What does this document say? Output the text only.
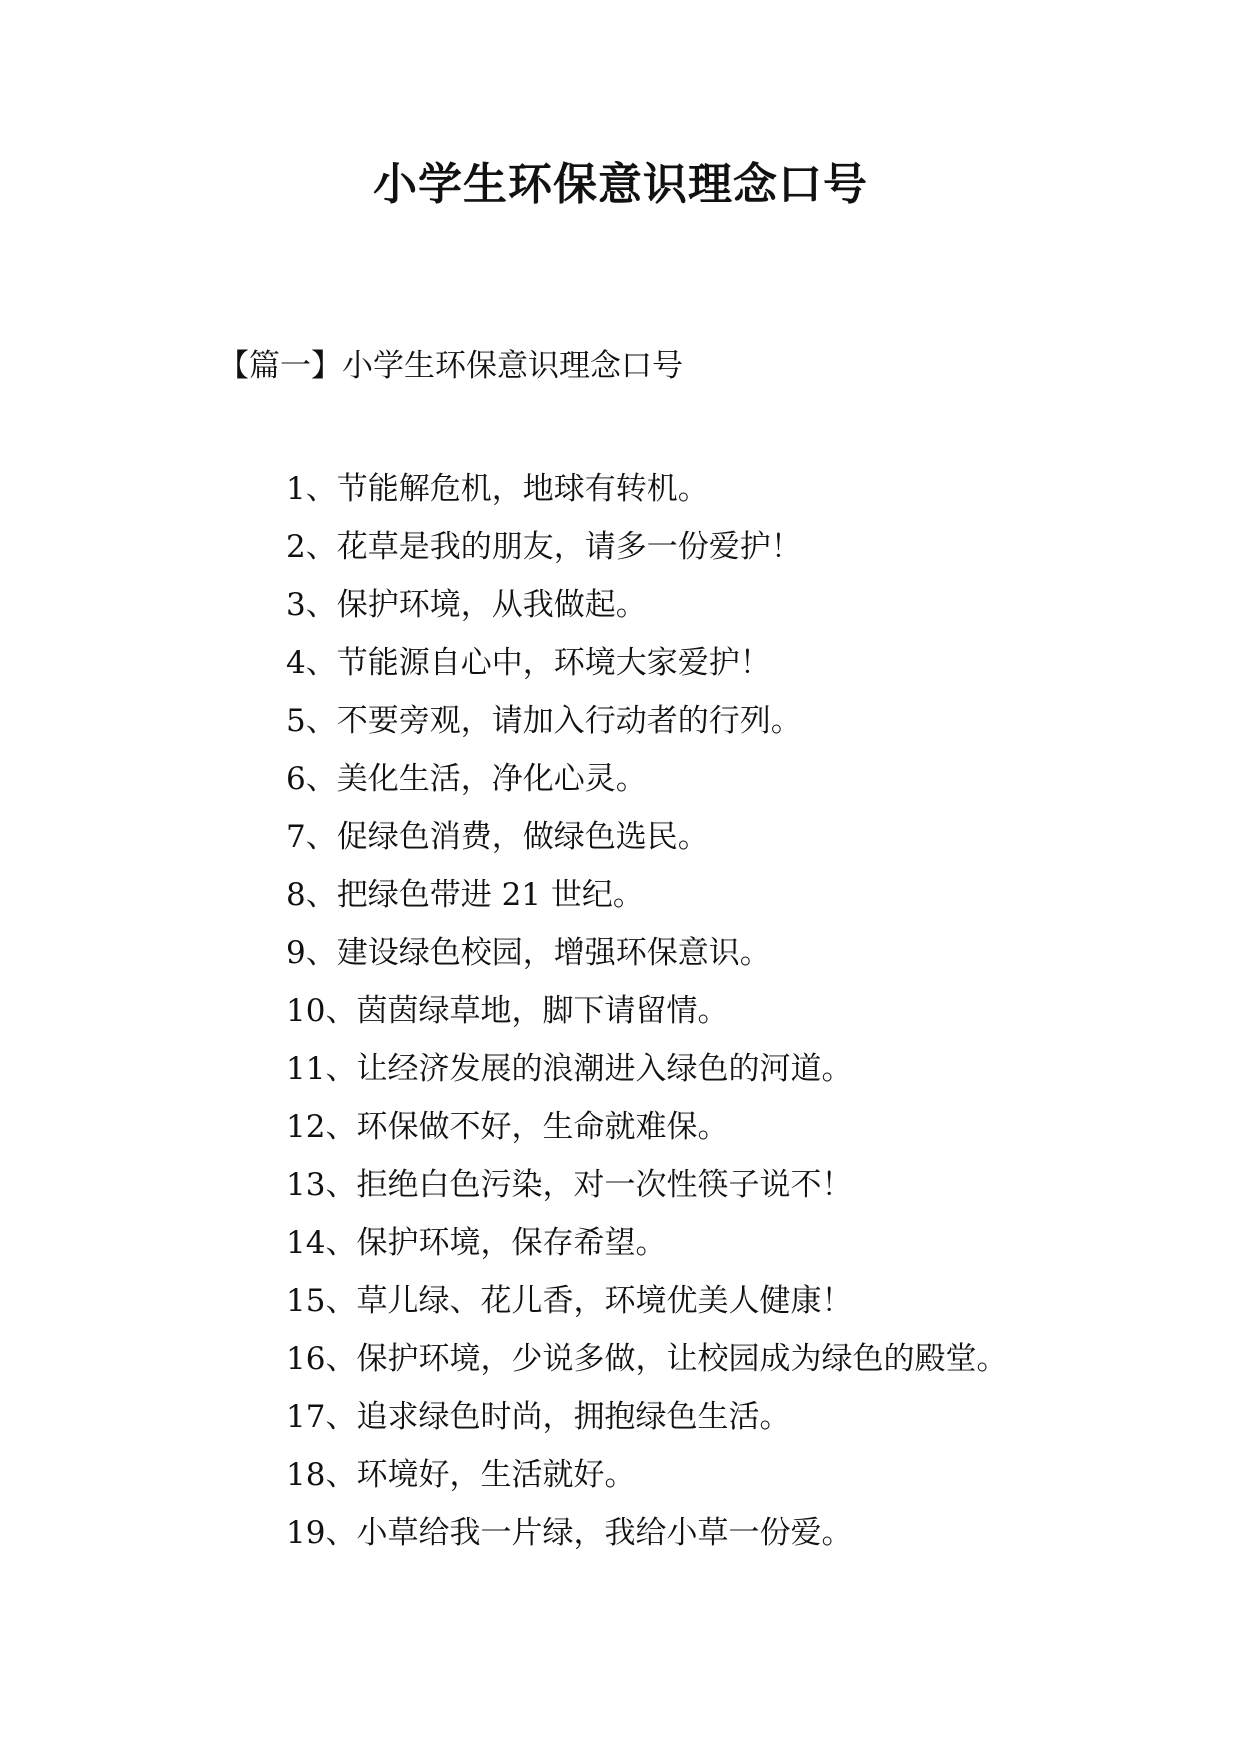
小学生环保意识理念口号
【篇一】小学生环保意识理念口号
1、节能解危机，地球有转机。
2、花草是我的朋友，请多一份爱护！
3、保护环境，从我做起。
4、节能源自心中，环境大家爱护！
5、不要旁观，请加入行动者的行列。
6、美化生活，净化心灵。
7、促绿色消费，做绿色选民。
8、把绿色带进 21 世纪。
9、建设绿色校园，增强环保意识。
10、茵茵绿草地，脚下请留情。
11、让经济发展的浪潮进入绿色的河道。
12、环保做不好，生命就难保。
13、拒绝白色污染，对一次性筷子说不！
14、保护环境，保存希望。
15、草儿绿、花儿香，环境优美人健康！
16、保护环境，少说多做，让校园成为绿色的殿堂。
17、追求绿色时尚，拥抱绿色生活。
18、环境好，生活就好。
19、小草给我一片绿，我给小草一份爱。
